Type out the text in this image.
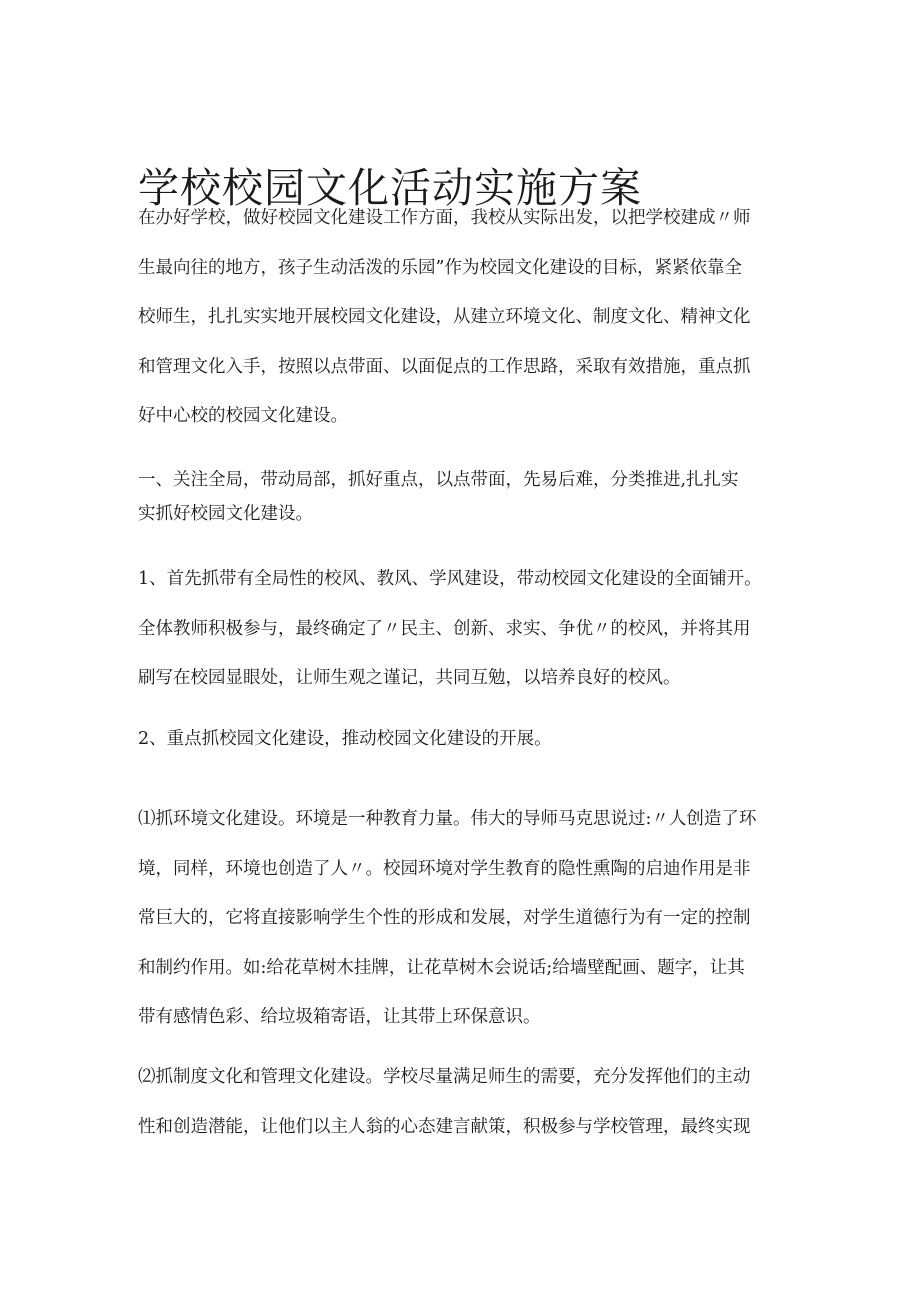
学校校园文化活动实施方案
在办好学校，做好校园文化建设工作方面，我校从实际出发，以把学校建成〃师
生最向往的地方，孩子生动活泼的乐园”作为校园文化建设的目标，紧紧依靠全
校师生，扎扎实实地开展校园文化建设，从建立环境文化、制度文化、精神文化
和管理文化入手，按照以点带面、以面促点的工作思路，采取有效措施，重点抓
好中心校的校园文化建设。
一、关注全局，带动局部，抓好重点，以点带面，先易后难，分类推进,扎扎实
实抓好校园文化建设。
1、首先抓带有全局性的校风、教风、学风建设，带动校园文化建设的全面铺开。
全体教师积极参与，最终确定了〃民主、创新、求实、争优〃的校风，并将其用
刷写在校园显眼处，让师生观之谨记，共同互勉，以培养良好的校风。
2、重点抓校园文化建设，推动校园文化建设的开展。
⑴抓环境文化建设。环境是一种教育力量。伟大的导师马克思说过:〃人创造了环
境，同样，环境也创造了人〃。校园环境对学生教育的隐性熏陶的启迪作用是非
常巨大的，它将直接影响学生个性的形成和发展，对学生道德行为有一定的控制
和制约作用。如:给花草树木挂牌，让花草树木会说话;给墙壁配画、题字，让其
带有感情色彩、给垃圾箱寄语，让其带上环保意识。
⑵抓制度文化和管理文化建设。学校尽量满足师生的需要，充分发挥他们的主动
性和创造潜能，让他们以主人翁的心态建言献策，积极参与学校管理，最终实现
